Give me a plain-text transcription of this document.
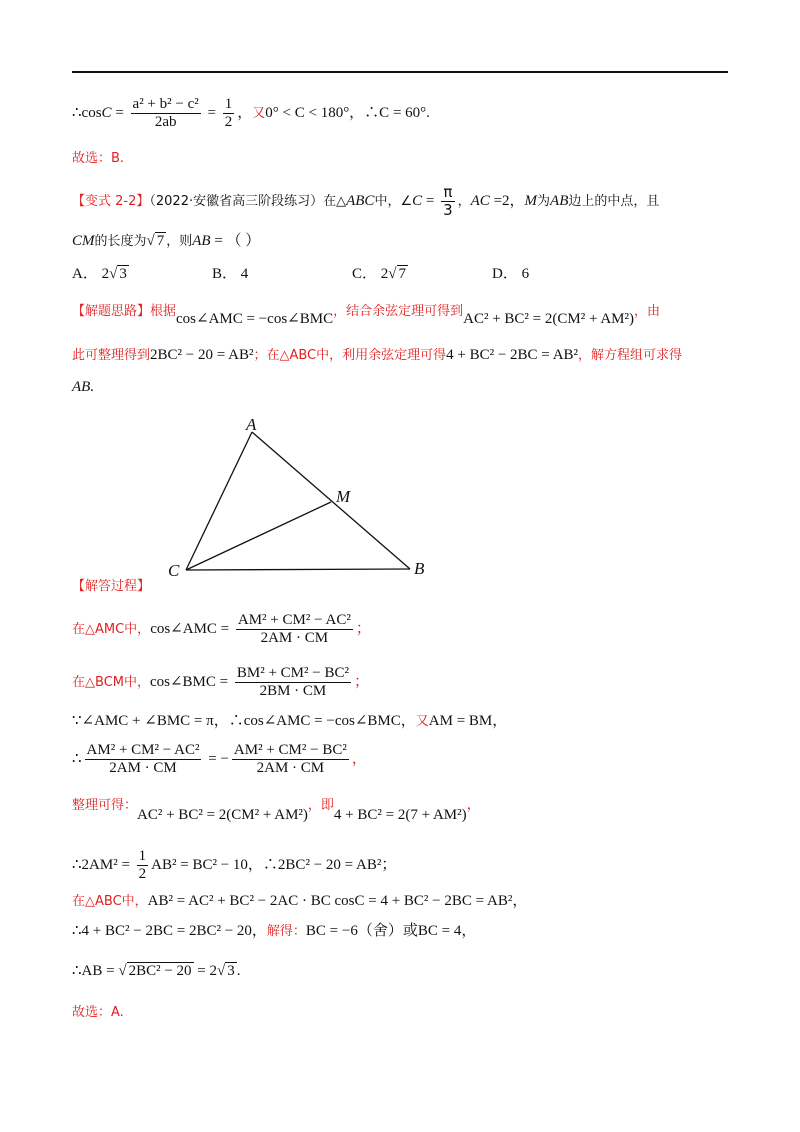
∴cosC = $\frac{\text{a² + b² − c²}}{2ab} = \frac{1}{2}$ ，又0° < C < 180°，∴C = 60°.
故选：B.
【变式 2-2】（2022·安徽省高三阶段练习）在△ABC中，∠C = $\frac{\pi}{3}$ ，AC =2，M为AB边上的中点，且
CM的长度为√ 7 ，则AB = （ ）
A． 2√ 3	B． 4	C． 2√ 7	D． 6
【解题思路】根据cos∠AMC = −cos∠BMC，结合余弦定理可得到AC² + BC² = 2(CM² + AM²)，由
此可整理得到2BC² − 20 = AB²；在△ABC中，利用余弦定理可得4 + BC² − 2BC = AB²，解方程组可求得
AB.
A
M
C	B
【解答过程】
在△AMC中，cos∠AMC = $\frac{\text{AM² + CM² − AC²}}{2AM \cdot CM}$ ；
在△BCM中，cos∠BMC = $\frac{\text{BM² + CM² − BC²}}{2BM \cdot CM}$ ；
∵∠AMC + ∠BMC = π，∴cos∠AMC = −cos∠BMC，又AM = BM，
∴ $\frac{\text{AM² + CM² − AC²}}{2AM \cdot CM}$ = − $\frac{\text{AM² + CM² − BC²}}{2AM \cdot CM}$ ，
整理可得：AC² + BC² = 2(CM² + AM²)，即4 + BC² = 2(7 + AM²)，
∴2AM² = $\frac{1}{2} AB^2 = BC^2 - 10$，∴2BC² − 20 = AB²；
在△ABC中，AB² = AC² + BC² − 2AC · BC cosC = 4 + BC² − 2BC = AB²，
∴4 + BC² − 2BC = 2BC² − 20，解得：BC = −6（舍）或BC = 4，
∴AB = √ 2BC² − 20 = 2√ 3 .
故选：A.
